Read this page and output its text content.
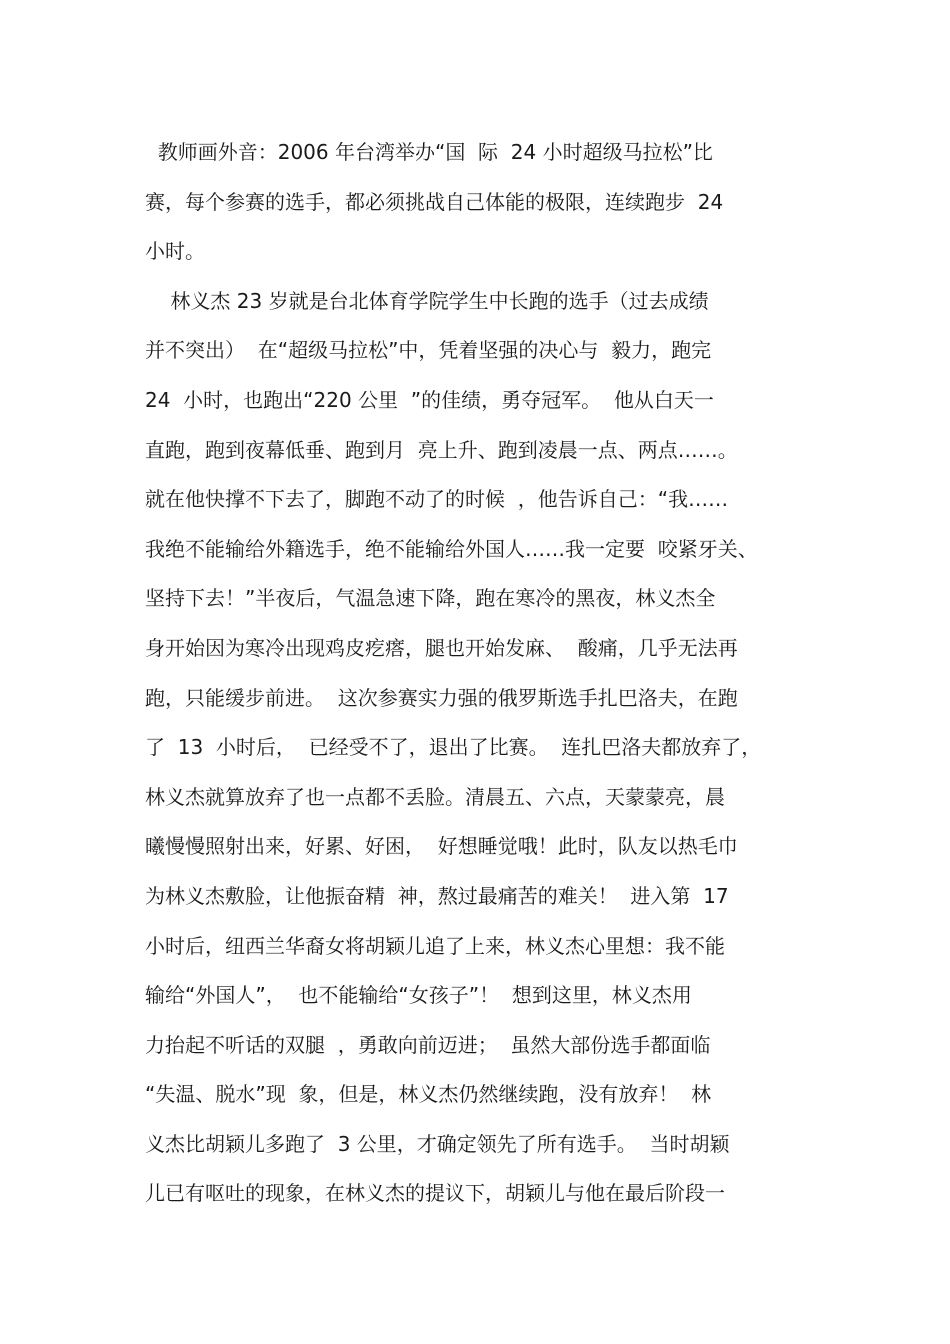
教师画外音：2006 年台湾举办“国  际  24 小时超级马拉松”比
赛，每个参赛的选手，都必须挑战自己体能的极限，连续跑步  24
小时。
林义杰 23 岁就是台北体育学院学生中长跑的选手（过去成绩
并不突出）  在“超级马拉松”中，凭着坚强的决心与  毅力，跑完
24  小时，也跑出“220 公里  ”的佳绩，勇夺冠军。  他从白天一
直跑，跑到夜幕低垂、跑到月  亮上升、跑到凌晨一点、两点……。
就在他快撑不下去了，脚跑不动了的时候  ，他告诉自己：“我……
我绝不能输给外籍选手，绝不能输给外国人……我一定要  咬紧牙关、
坚持下去！”半夜后，气温急速下降，跑在寒冷的黑夜，林义杰全
身开始因为寒冷出现鸡皮疙瘩，腿也开始发麻、  酸痛，几乎无法再
跑，只能缓步前进。  这次参赛实力强的俄罗斯选手扎巴洛夫，在跑
了  13  小时后，  已经受不了，退出了比赛。  连扎巴洛夫都放弃了，
林义杰就算放弃了也一点都不丢脸。清晨五、六点，天蒙蒙亮，晨
曦慢慢照射出来，好累、好困，  好想睡觉哦！此时，队友以热毛巾
为林义杰敷脸，让他振奋精  神，熬过最痛苦的难关！  进入第  17
小时后，纽西兰华裔女将胡颖儿追了上来，林义杰心里想：我不能
输给“外国人”，  也不能输给“女孩子”！  想到这里，林义杰用
力抬起不听话的双腿  ，勇敢向前迈进；  虽然大部份选手都面临
“失温、脱水”现  象，但是，林义杰仍然继续跑，没有放弃！  林
义杰比胡颖儿多跑了  3 公里，才确定领先了所有选手。  当时胡颖
儿已有呕吐的现象，在林义杰的提议下，胡颖儿与他在最后阶段一
